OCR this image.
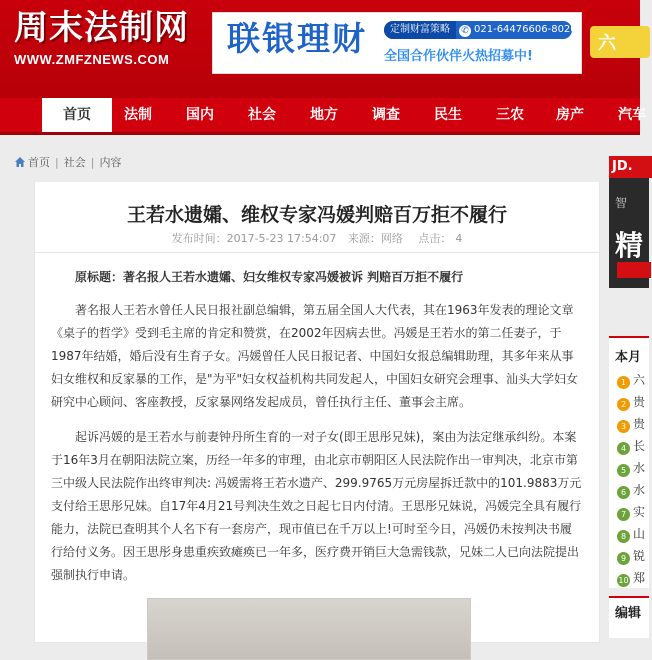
周末法制网
WWW.ZMFZNEWS.COM
联银理财	定制财富策略 ✆ 021-64476606-8020
全国合作伙伴火热招募中!
六
首页	法制 国内 社会 地方 调查 民生 三农 房产 汽车
首页 | 社会 | 内容
王若水遗孀、维权专家冯媛判赔百万拒不履行
发布时间：2017-5-23 17:54:07 来源：网络 点击： 4

原标题：著名报人王若水遗孀、妇女维权专家冯媛被诉 判赔百万拒不履行

著名报人王若水曾任人民日报社副总编辑，第五届全国人大代表，其在1963年发表的理论文章《桌子的哲学》受到毛主席的肯定和赞赏，在2002年因病去世。冯媛是王若水的第二任妻子，于1987年结婚，婚后没有生育子女。冯媛曾任人民日报记者、中国妇女报总编辑助理，其多年来从事妇女维权和反家暴的工作，是"为平"妇女权益机构共同发起人，中国妇女研究会理事、汕头大学妇女研究中心顾问、客座教授，反家暴网络发起成员，曾任执行主任、董事会主席。

起诉冯媛的是王若水与前妻钟丹所生育的一对子女(即王思彤兄妹)，案由为法定继承纠纷。本案于16年3月在朝阳法院立案，历经一年多的审理，由北京市朝阳区人民法院作出一审判决，北京市第三中级人民法院作出终审判决: 冯媛需将王若水遗产、299.9765万元房屋拆迁款中的101.9883万元支付给王思彤兄妹。自17年4月21号判决生效之日起七日内付清。王思彤兄妹说，冯媛完全具有履行能力，法院已查明其个人名下有一套房产，现市值已在千万以上!可时至今日，冯媛仍未按判决书履行给付义务。因王思彤身患重疾致瘫痪已一年多，医疗费开销巨大急需钱款，兄妹二人已向法院提出强制执行申请。

JD.
智
精
本月
1 六
2 贵
3 贵
4 长
5 水
6 水
7 实
8 山
9 锐
10 郑
编辑
